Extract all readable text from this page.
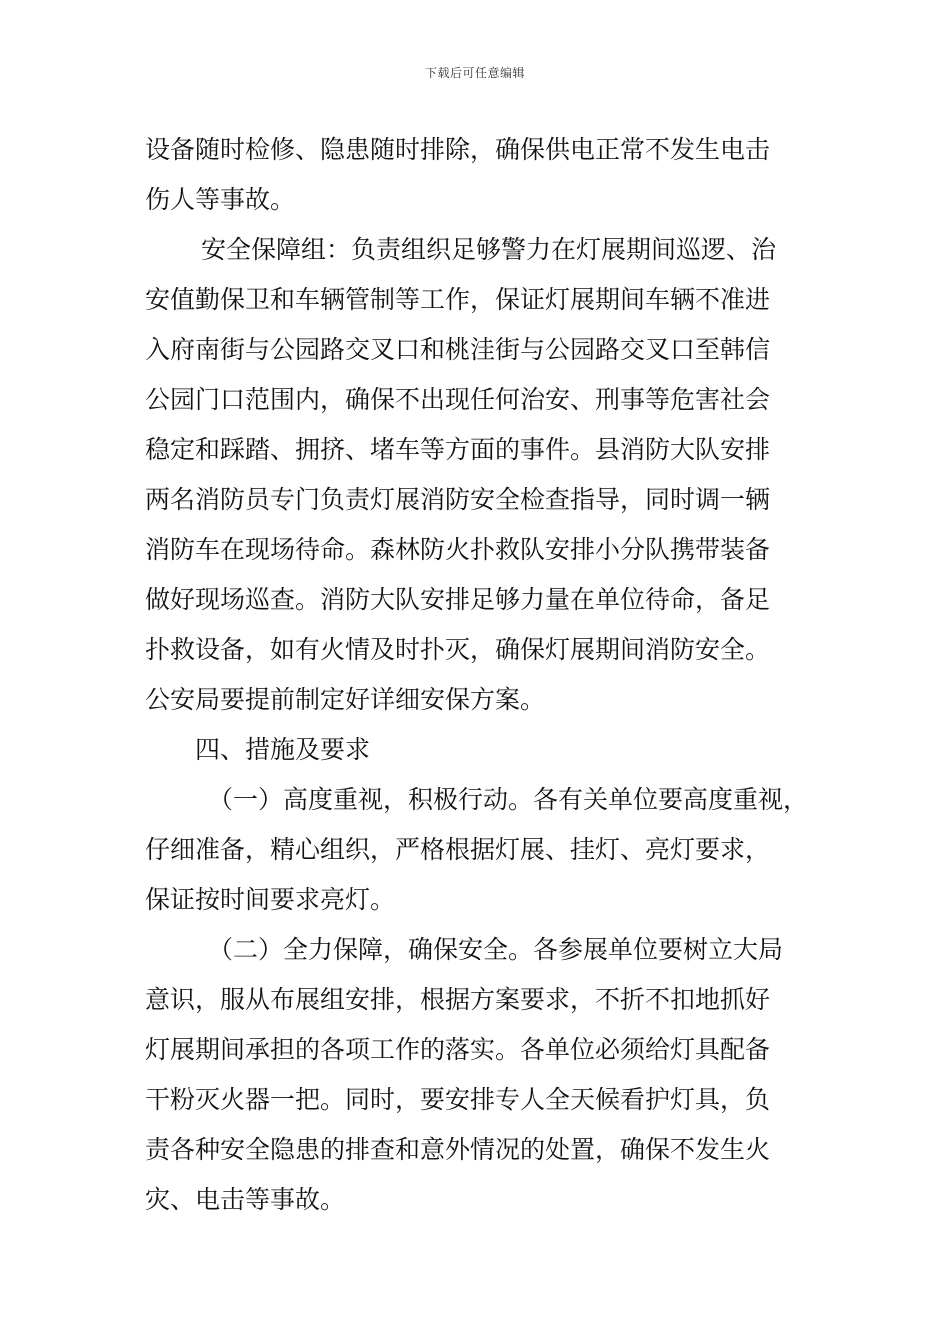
下载后可任意编辑
设备随时检修、隐患随时排除，确保供电正常不发生电击
伤人等事故。
安全保障组：负责组织足够警力在灯展期间巡逻、治
安值勤保卫和车辆管制等工作，保证灯展期间车辆不准进
入府南街与公园路交叉口和桃洼街与公园路交叉口至韩信
公园门口范围内，确保不出现任何治安、刑事等危害社会
稳定和踩踏、拥挤、堵车等方面的事件。县消防大队安排
两名消防员专门负责灯展消防安全检查指导，同时调一辆
消防车在现场待命。森林防火扑救队安排小分队携带装备
做好现场巡查。消防大队安排足够力量在单位待命，备足
扑救设备，如有火情及时扑灭，确保灯展期间消防安全。
公安局要提前制定好详细安保方案。
四、措施及要求
（一）高度重视，积极行动。各有关单位要高度重视，
仔细准备，精心组织，严格根据灯展、挂灯、亮灯要求，
保证按时间要求亮灯。
（二）全力保障，确保安全。各参展单位要树立大局
意识，服从布展组安排，根据方案要求，不折不扣地抓好
灯展期间承担的各项工作的落实。各单位必须给灯具配备
干粉灭火器一把。同时，要安排专人全天候看护灯具，负
责各种安全隐患的排查和意外情况的处置，确保不发生火
灾、电击等事故。
